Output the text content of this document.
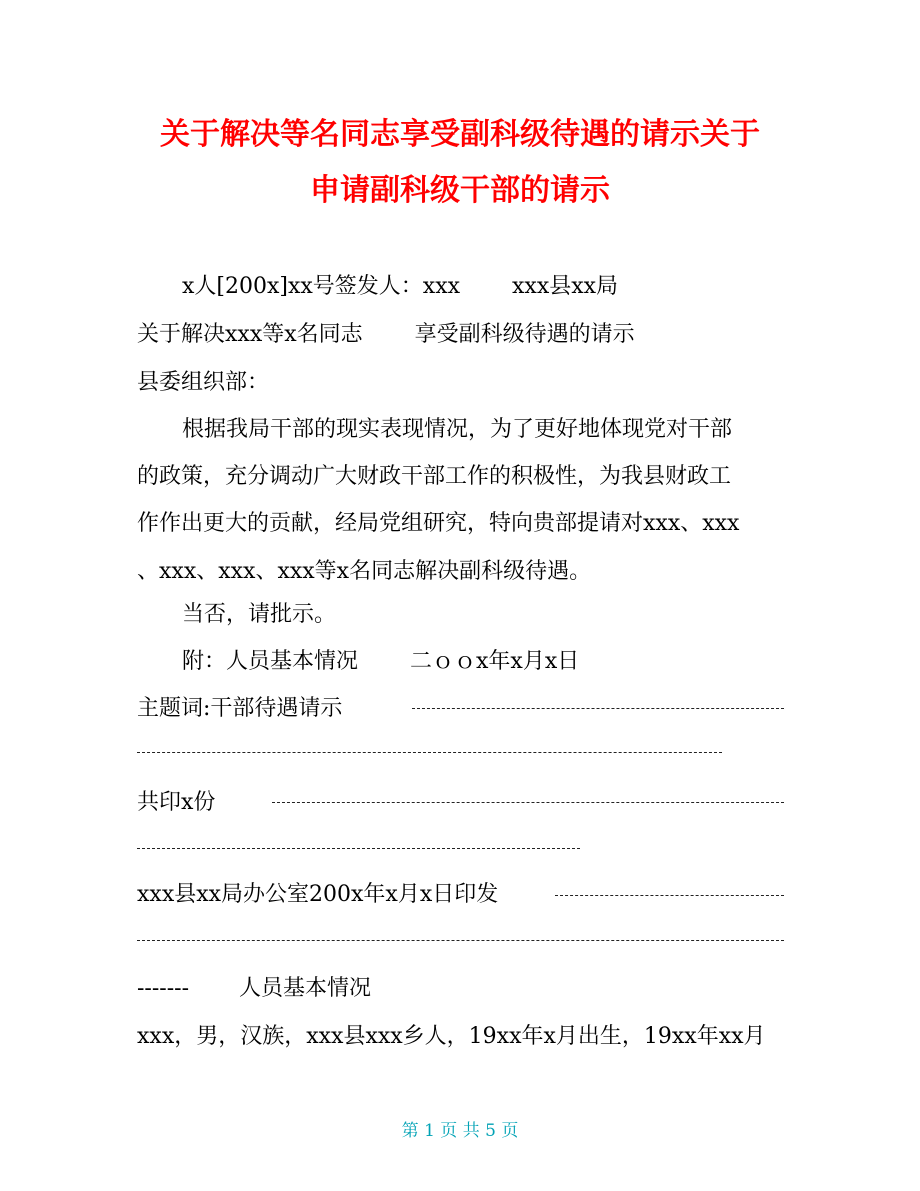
关于解决等名同志享受副科级待遇的请示关于
申请副科级干部的请示
x人[200x]xx号签发人：xxx xxx县xx局
关于解决xxx等x名同志 享受副科级待遇的请示
县委组织部：
根据我局干部的现实表现情况，为了更好地体现党对干部
的政策，充分调动广大财政干部工作的积极性，为我县财政工
作作出更大的贡献，经局党组研究，特向贵部提请对xxx、xxx
、xxx、xxx、xxx等x名同志解决副科级待遇。
当否，请批示。
附：人员基本情况 二ｏｏx年x月x日
主题词:干部待遇请示
共印x份
xxx县xx局办公室200x年x月x日印发
------- 人员基本情况
xxx，男，汉族，xxx县xxx乡人，19xx年x月出生，19xx年xx月
第 1 页 共 5 页
